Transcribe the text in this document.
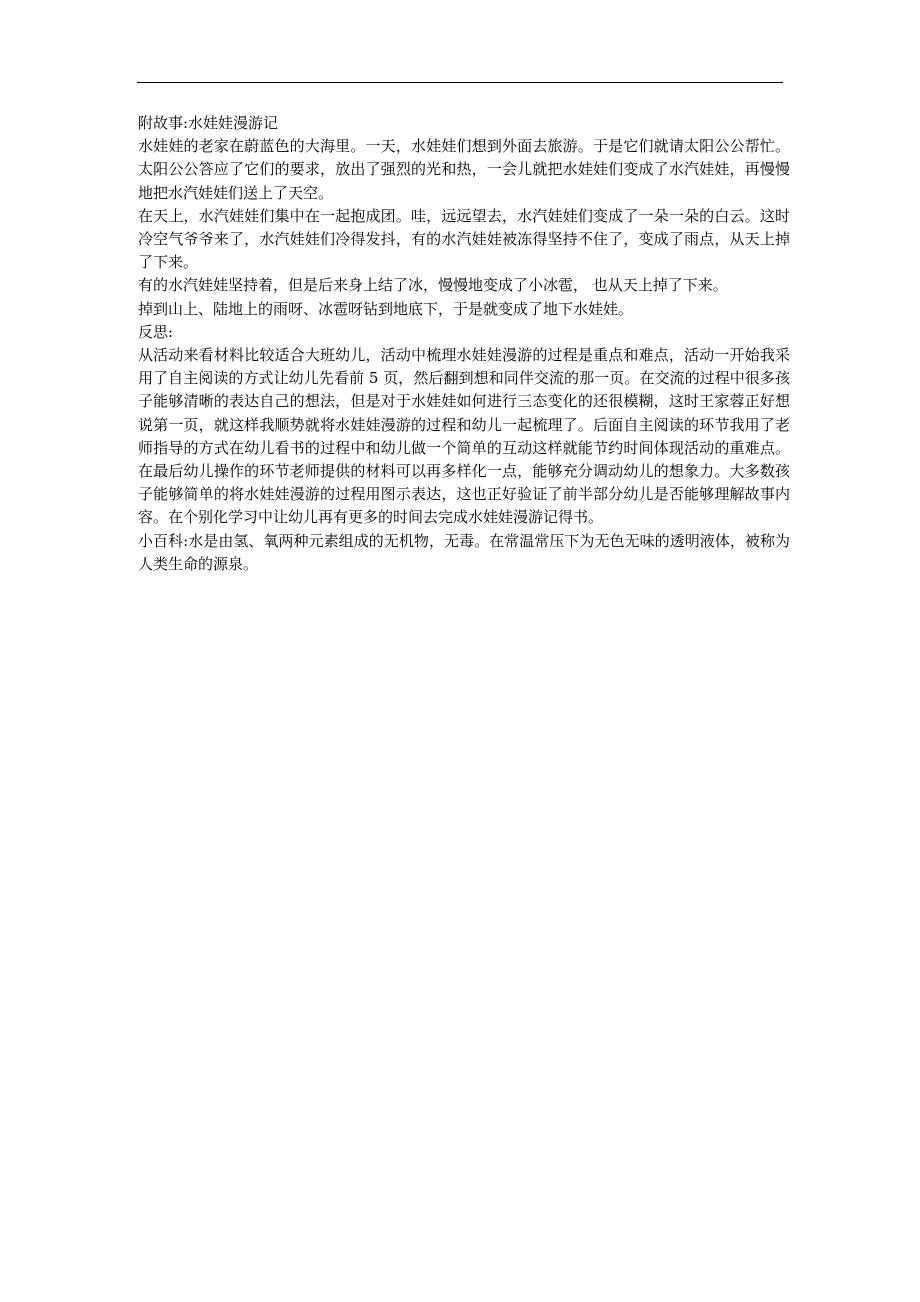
附故事:水娃娃漫游记

水娃娃的老家在蔚蓝色的大海里。一天，水娃娃们想到外面去旅游。于是它们就请太阳公公帮忙。太阳公公答应了它们的要求，放出了强烈的光和热，一会儿就把水娃娃们变成了水汽娃娃，再慢慢地把水汽娃娃们送上了天空。

在天上，水汽娃娃们集中在一起抱成团。哇，远远望去，水汽娃娃们变成了一朵一朵的白云。这时冷空气爷爷来了，水汽娃娃们冷得发抖，有的水汽娃娃被冻得坚持不住了，变成了雨点，从天上掉了下来。

有的水汽娃娃坚持着，但是后来身上结了冰，慢慢地变成了小冰雹， 也从天上掉了下来。

掉到山上、陆地上的雨呀、冰雹呀钻到地底下，于是就变成了地下水娃娃。

反思:

从活动来看材料比较适合大班幼儿，活动中梳理水娃娃漫游的过程是重点和难点，活动一开始我采用了自主阅读的方式让幼儿先看前 5 页，然后翻到想和同伴交流的那一页。在交流的过程中很多孩子能够清晰的表达自己的想法，但是对于水娃娃如何进行三态变化的还很模糊，这时王家蓉正好想说第一页，就这样我顺势就将水娃娃漫游的过程和幼儿一起梳理了。后面自主阅读的环节我用了老师指导的方式在幼儿看书的过程中和幼儿做一个简单的互动这样就能节约时间体现活动的重难点。在最后幼儿操作的环节老师提供的材料可以再多样化一点，能够充分调动幼儿的想象力。大多数孩子能够简单的将水娃娃漫游的过程用图示表达，这也正好验证了前半部分幼儿是否能够理解故事内容。在个别化学习中让幼儿再有更多的时间去完成水娃娃漫游记得书。

小百科:水是由氢、氧两种元素组成的无机物，无毒。在常温常压下为无色无味的透明液体，被称为人类生命的源泉。
